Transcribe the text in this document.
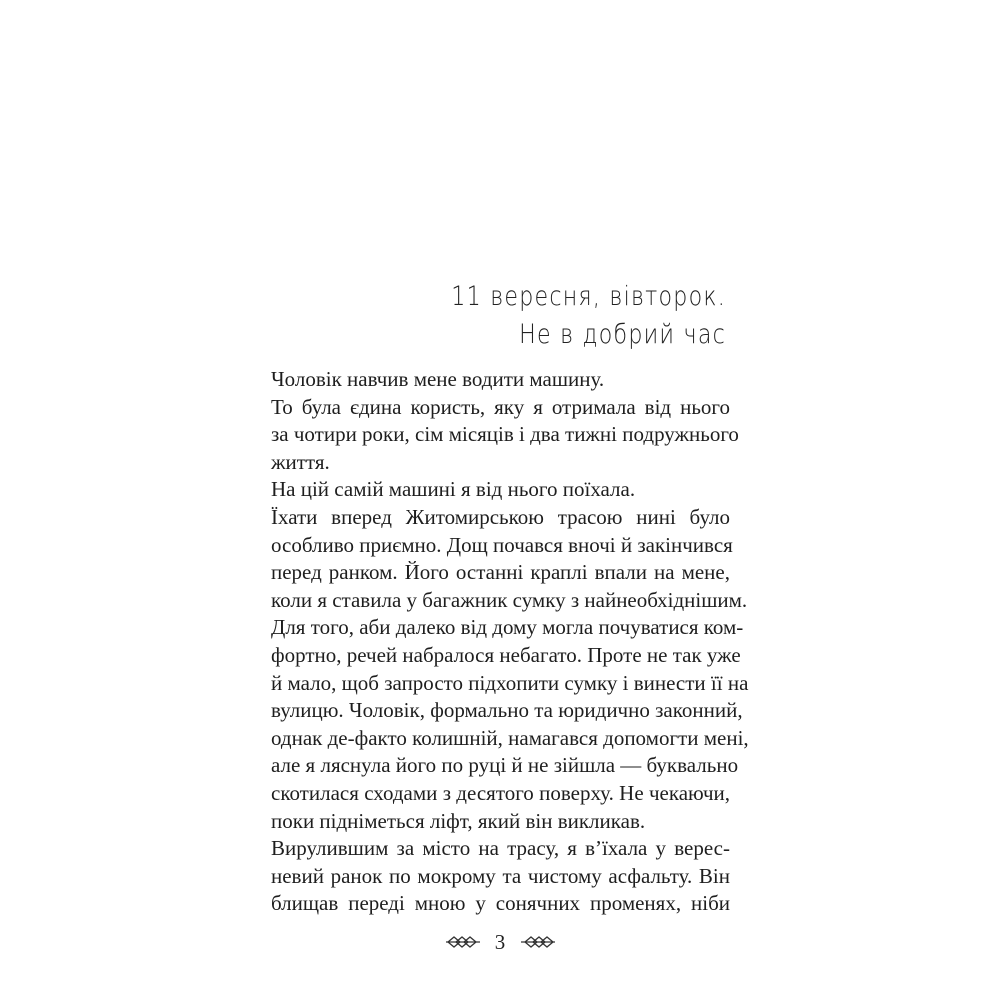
11 вересня, вівторок.
Не в добрий час

Чоловік навчив мене водити машину.

То була єдина користь, яку я отримала від нього
за чотири роки, сім місяців і два тижні подружнього
життя.

На цій самій машині я від нього поїхала.

Їхати вперед Житомирською трасою нині було
особливо приємно. Дощ почався вночі й закінчився
перед ранком. Його останні краплі впали на мене,
коли я ставила у багажник сумку з найнеобхіднішим.
Для того, аби далеко від дому могла почуватися ком-
фортно, речей набралося небагато. Проте не так уже
й мало, щоб запросто підхопити сумку і винести її на
вулицю. Чоловік, формально та юридично законний,
однак де-факто колишній, намагався допомогти мені,
але я ляснула його по руці й не зійшла — буквально
скотилася сходами з десятого поверху. Не чекаючи,
поки підніметься ліфт, який він викликав.

Вирулившим за місто на трасу, я в’їхала у верес-
невий ранок по мокрому та чистому асфальту. Він
блищав переді мною у сонячних променях, ніби

3
